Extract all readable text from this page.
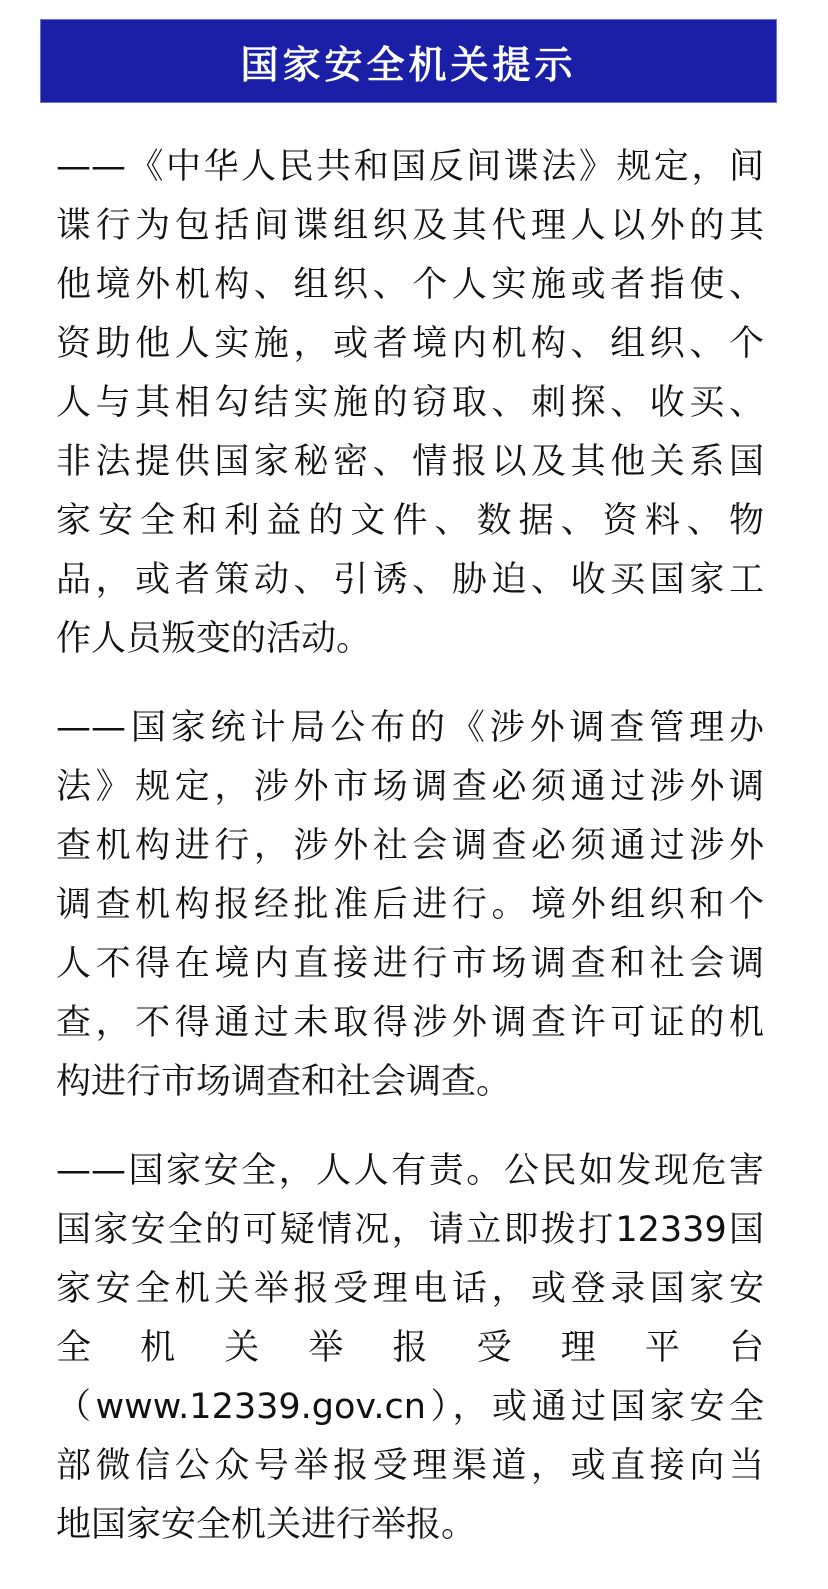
国家安全机关提示
——《中华人民共和国反间谍法》规定，间
谍行为包括间谍组织及其代理人以外的其
他境外机构、组织、个人实施或者指使、
资助他人实施，或者境内机构、组织、个
人与其相勾结实施的窃取、刺探、收买、
非法提供国家秘密、情报以及其他关系国
家安全和利益的文件、数据、资料、物
品，或者策动、引诱、胁迫、收买国家工
作人员叛变的活动。
——国家统计局公布的《涉外调查管理办
法》规定，涉外市场调查必须通过涉外调
查机构进行，涉外社会调查必须通过涉外
调查机构报经批准后进行。境外组织和个
人不得在境内直接进行市场调查和社会调
查，不得通过未取得涉外调查许可证的机
构进行市场调查和社会调查。
——国家安全，人人有责。公民如发现危害
国家安全的可疑情况，请立即拨打12339国
家安全机关举报受理电话，或登录国家安
全机关举报受理平台
（www.12339.gov.cn），或通过国家安全
部微信公众号举报受理渠道，或直接向当
地国家安全机关进行举报。
